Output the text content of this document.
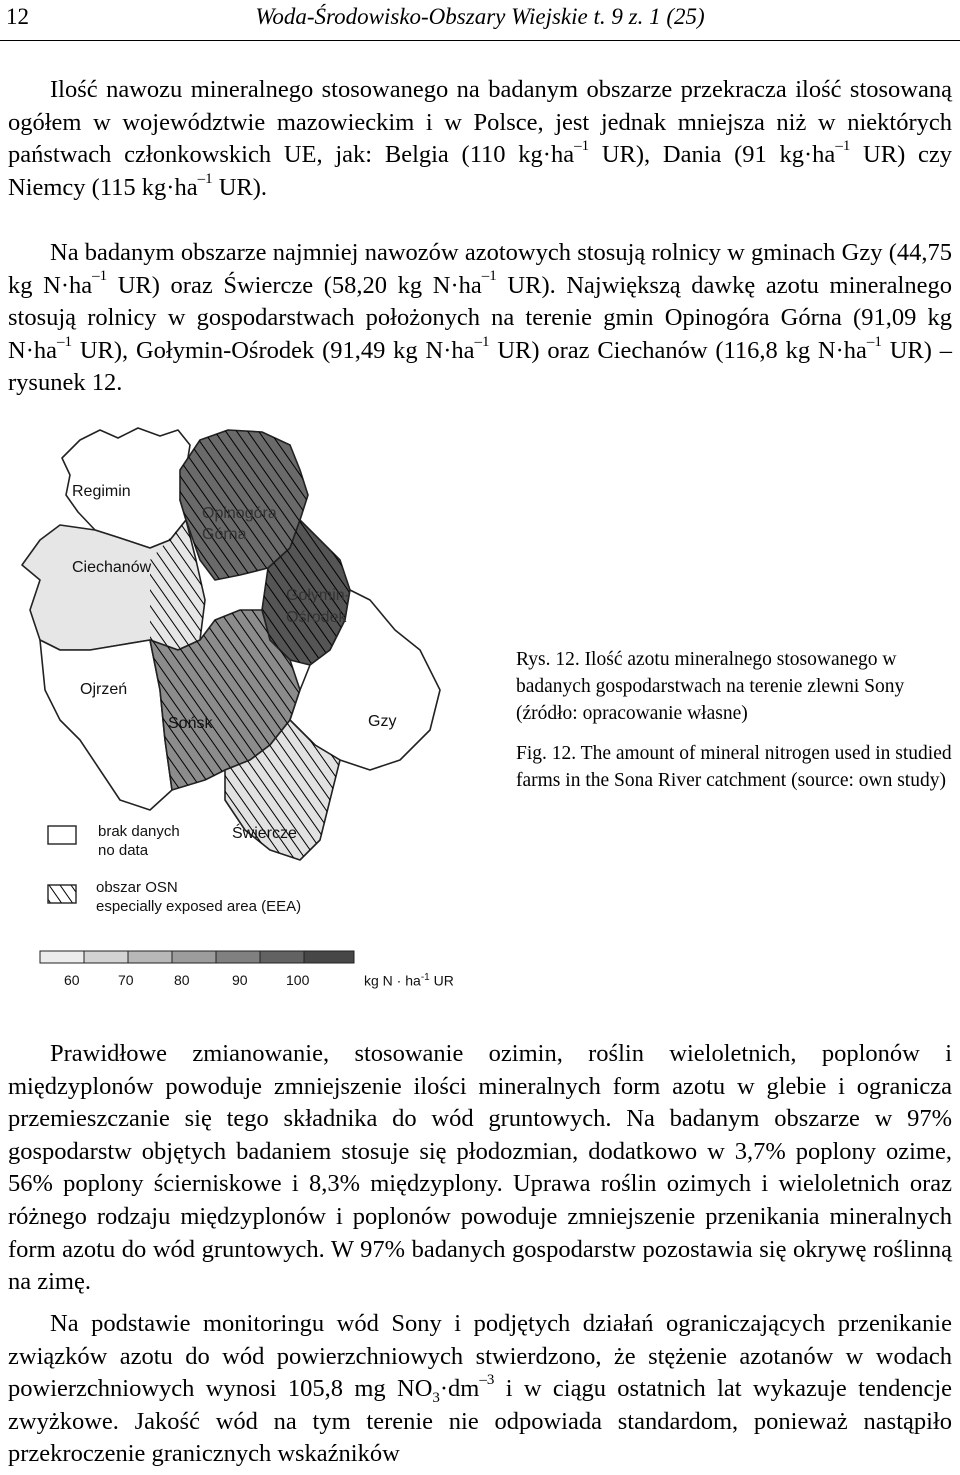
12	Woda-Środowisko-Obszary Wiejskie t. 9 z. 1 (25)

Ilość nawozu mineralnego stosowanego na badanym obszarze przekracza ilość stosowaną ogółem w województwie mazowieckim i w Polsce, jest jednak mniejsza niż w niektórych państwach członkowskich UE, jak: Belgia (110 $kg\cdot ha^{-1}$ UR), Dania (91 $kg\cdot ha^{-1}$ UR) czy Niemcy (115 $kg\cdot ha^{-1}$ UR).

Na badanym obszarze najmniej nawozów azotowych stosują rolnicy w gminach Gzy (44,75 kg $N\cdot ha^{-1}$ UR) oraz Świercze (58,20 kg $N\cdot ha^{-1}$ UR). Największą dawkę azotu mineralnego stosują rolnicy w gospodarstwach położonych na terenie gmin Opinogóra Górna (91,09 kg $N\cdot ha^{-1}$ UR), Gołymin-Ośrodek (91,49 kg $N\cdot ha^{-1}$ UR) oraz Ciechanów (116,8 kg $N\cdot ha^{-1}$ UR) – rysunek 12.

Regimin
Opinogóra
Górna
Ciechanów
Gołymin-
Ośrodek
Ojrzeń
Sońsk	Gzy
Świercze
brak danych
no data
obszar OSN
especially exposed area (EEA)
60	70	80	90	100	kg $N \cdot ha^{-1}$ UR

Rys. 12. Ilość azotu mineralnego stosowanego w badanych gospodarstwach na terenie zlewni Sony (źródło: opracowanie własne)

Fig. 12. The amount of mineral nitrogen used in studied farms in the Sona River catchment (source: own study)

Prawidłowe zmianowanie, stosowanie ozimin, roślin wieloletnich, poplonów i międzyplonów powoduje zmniejszenie ilości mineralnych form azotu w glebie i ogranicza przemieszczanie się tego składnika do wód gruntowych. Na badanym obszarze w 97% gospodarstw objętych badaniem stosuje się płodozmian, dodatkowo w 3,7% poplony ozime, 56% poplony ścierniskowe i 8,3% międzyplony. Uprawa roślin ozimych i wieloletnich oraz różnego rodzaju międzyplonów i poplonów powoduje zmniejszenie przenikania mineralnych form azotu do wód gruntowych. W 97% badanych gospodarstw pozostawia się okrywę roślinną na zimę.

Na podstawie monitoringu wód Sony i podjętych działań ograniczających przenikanie związków azotu do wód powierzchniowych stwierdzono, że stężenie azotanów w wodach powierzchniowych wynosi 105,8 mg $NO_3\cdot dm^{-3}$ i w ciągu ostatnich lat wykazuje tendencje zwyżkowe. Jakość wód na tym terenie nie odpowiada standardom, ponieważ nastąpiło przekroczenie granicznych wskaźników
